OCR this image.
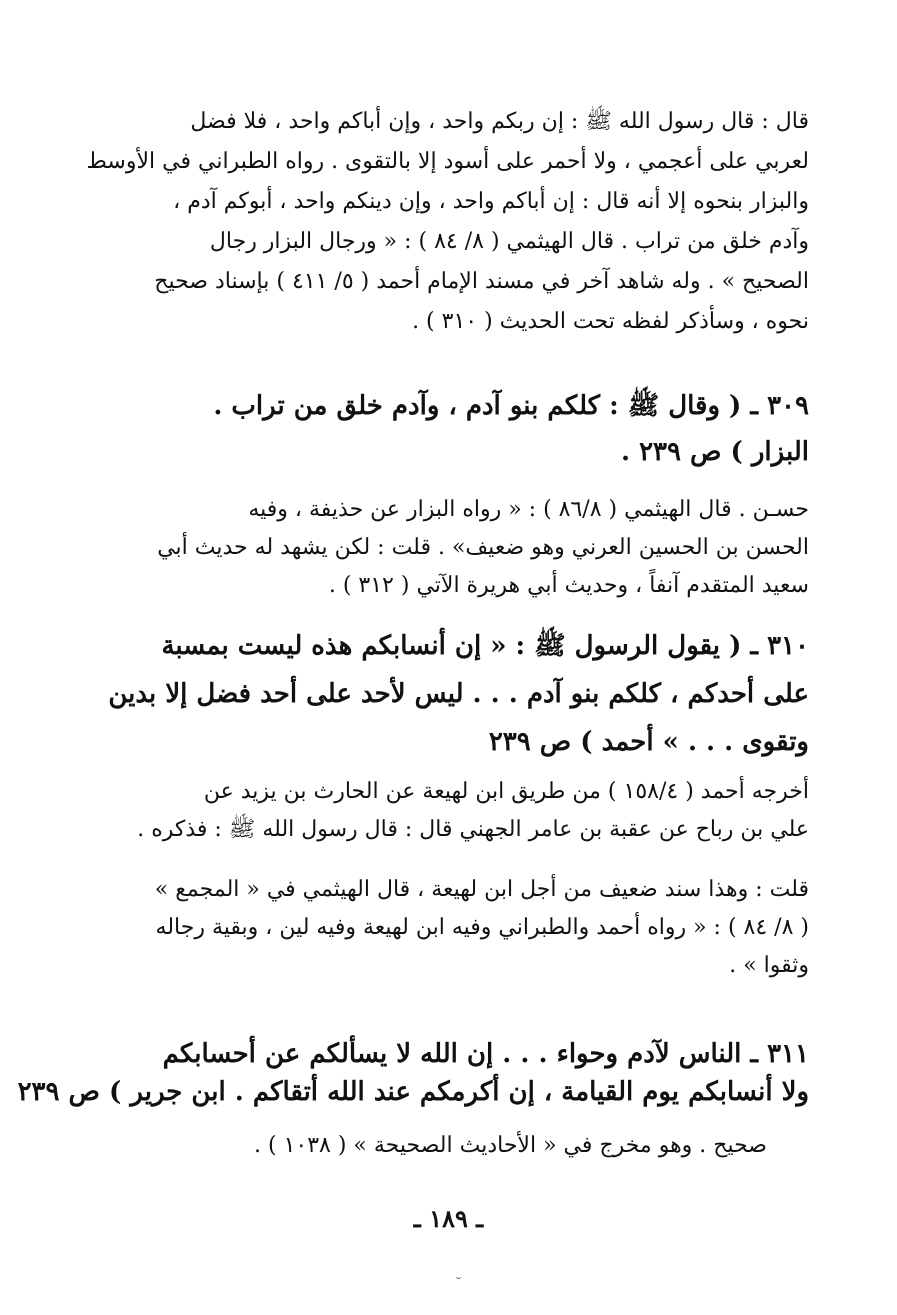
قال : قال رسول الله ﷺ : إن ربكم واحد ، وإن أباكم واحد ، فلا فضل
لعربي على أعجمي ، ولا أحمر على أسود إلا بالتقوى . رواه الطبراني في الأوسط
والبزار بنحوه إلا أنه قال : إن أباكم واحد ، وإن دينكم واحد ، أبوكم آدم ،
وآدم خلق من تراب . قال الهيثمي ( ٨/ ٨٤ ) : « ورجال البزار رجال
الصحيح » . وله شاهد آخر في مسند الإمام أحمد ( ٥/ ٤١١ ) بإسناد صحيح
نحوه ، وسأذكر لفظه تحت الحديث ( ٣١٠ ) .
٣٠٩ ـ ( وقال ﷺ : كلكم بنو آدم ، وآدم خلق من تراب .
البزار ) ص ٢٣٩ .
حسـن . قال الهيثمي ( ٨٦/٨ ) : « رواه البزار عن حذيفة ، وفيه
الحسن بن الحسين العرني وهو ضعيف» . قلت : لكن يشهد له حديث أبي
سعيد المتقدم آنفاً ، وحديث أبي هريرة الآتي ( ٣١٢ ) .
٣١٠ ـ ( يقول الرسول ﷺ : « إن أنسابكم هذه ليست بمسبة
على أحدكم ، كلكم بنو آدم . . . ليس لأحد على أحد فضل إلا بدين
وتقوى . . . » أحمد ) ص ٢٣٩
أخرجه أحمد ( ١٥٨/٤ ) من طريق ابن لهيعة عن الحارث بن يزيد عن
علي بن رباح عن عقبة بن عامر الجهني قال : قال رسول الله ﷺ : فذكره .
قلت : وهذا سند ضعيف من أجل ابن لهيعة ، قال الهيثمي في « المجمع »
( ٨/ ٨٤ ) : « رواه أحمد والطبراني وفيه ابن لهيعة وفيه لين ، وبقية رجاله
وثقوا » .
٣١١ ـ الناس لآدم وحواء . . . إن الله لا يسألكم عن أحسابكم
ولا أنسابكم يوم القيامة ، إن أكرمكم عند الله أتقاكم . ابن جرير ) ص ٢٣٩
صحيح . وهو مخرج في « الأحاديث الصحيحة » ( ١٠٣٨ ) .
ـ ١٨٩ ـ
˘
